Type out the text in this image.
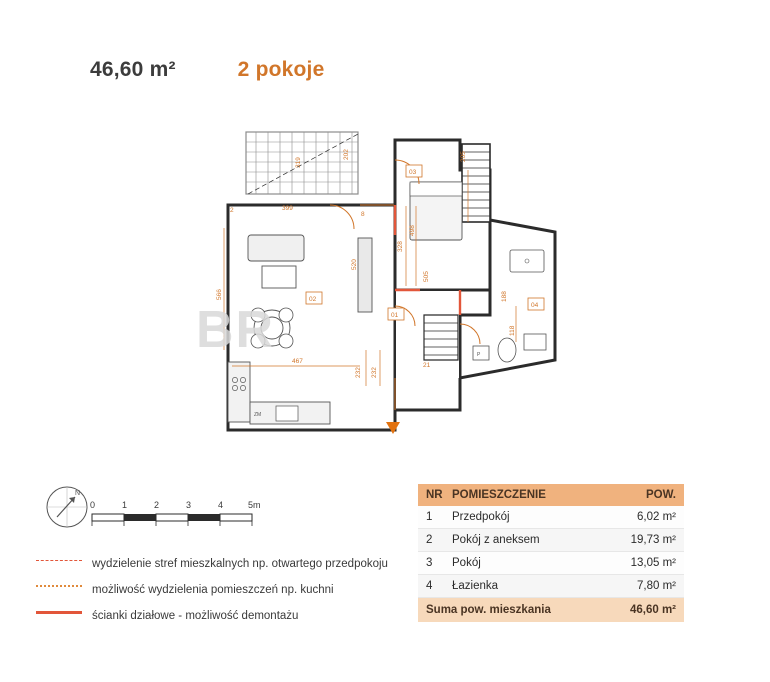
46,60 m²	2 pokoje
ZM
P
01
02
03
04
467
232 232
399
566
520
328
498
505
319
202	205
188
118
8
2
21
BR
N
0	1	2	3	4	5m
wydzielenie stref mieszkalnych np. otwartego przedpokoju
możliwość wydzielenia pomieszczeń np. kuchni
ścianki działowe - możliwość demontażu
NR POMIESZCZENIE	POW.
1	Przedpokój	6,02 m²
2	Pokój z aneksem	19,73 m²
3	Pokój	13,05 m²
4	Łazienka	7,80 m²
Suma pow. mieszkania	46,60 m²
